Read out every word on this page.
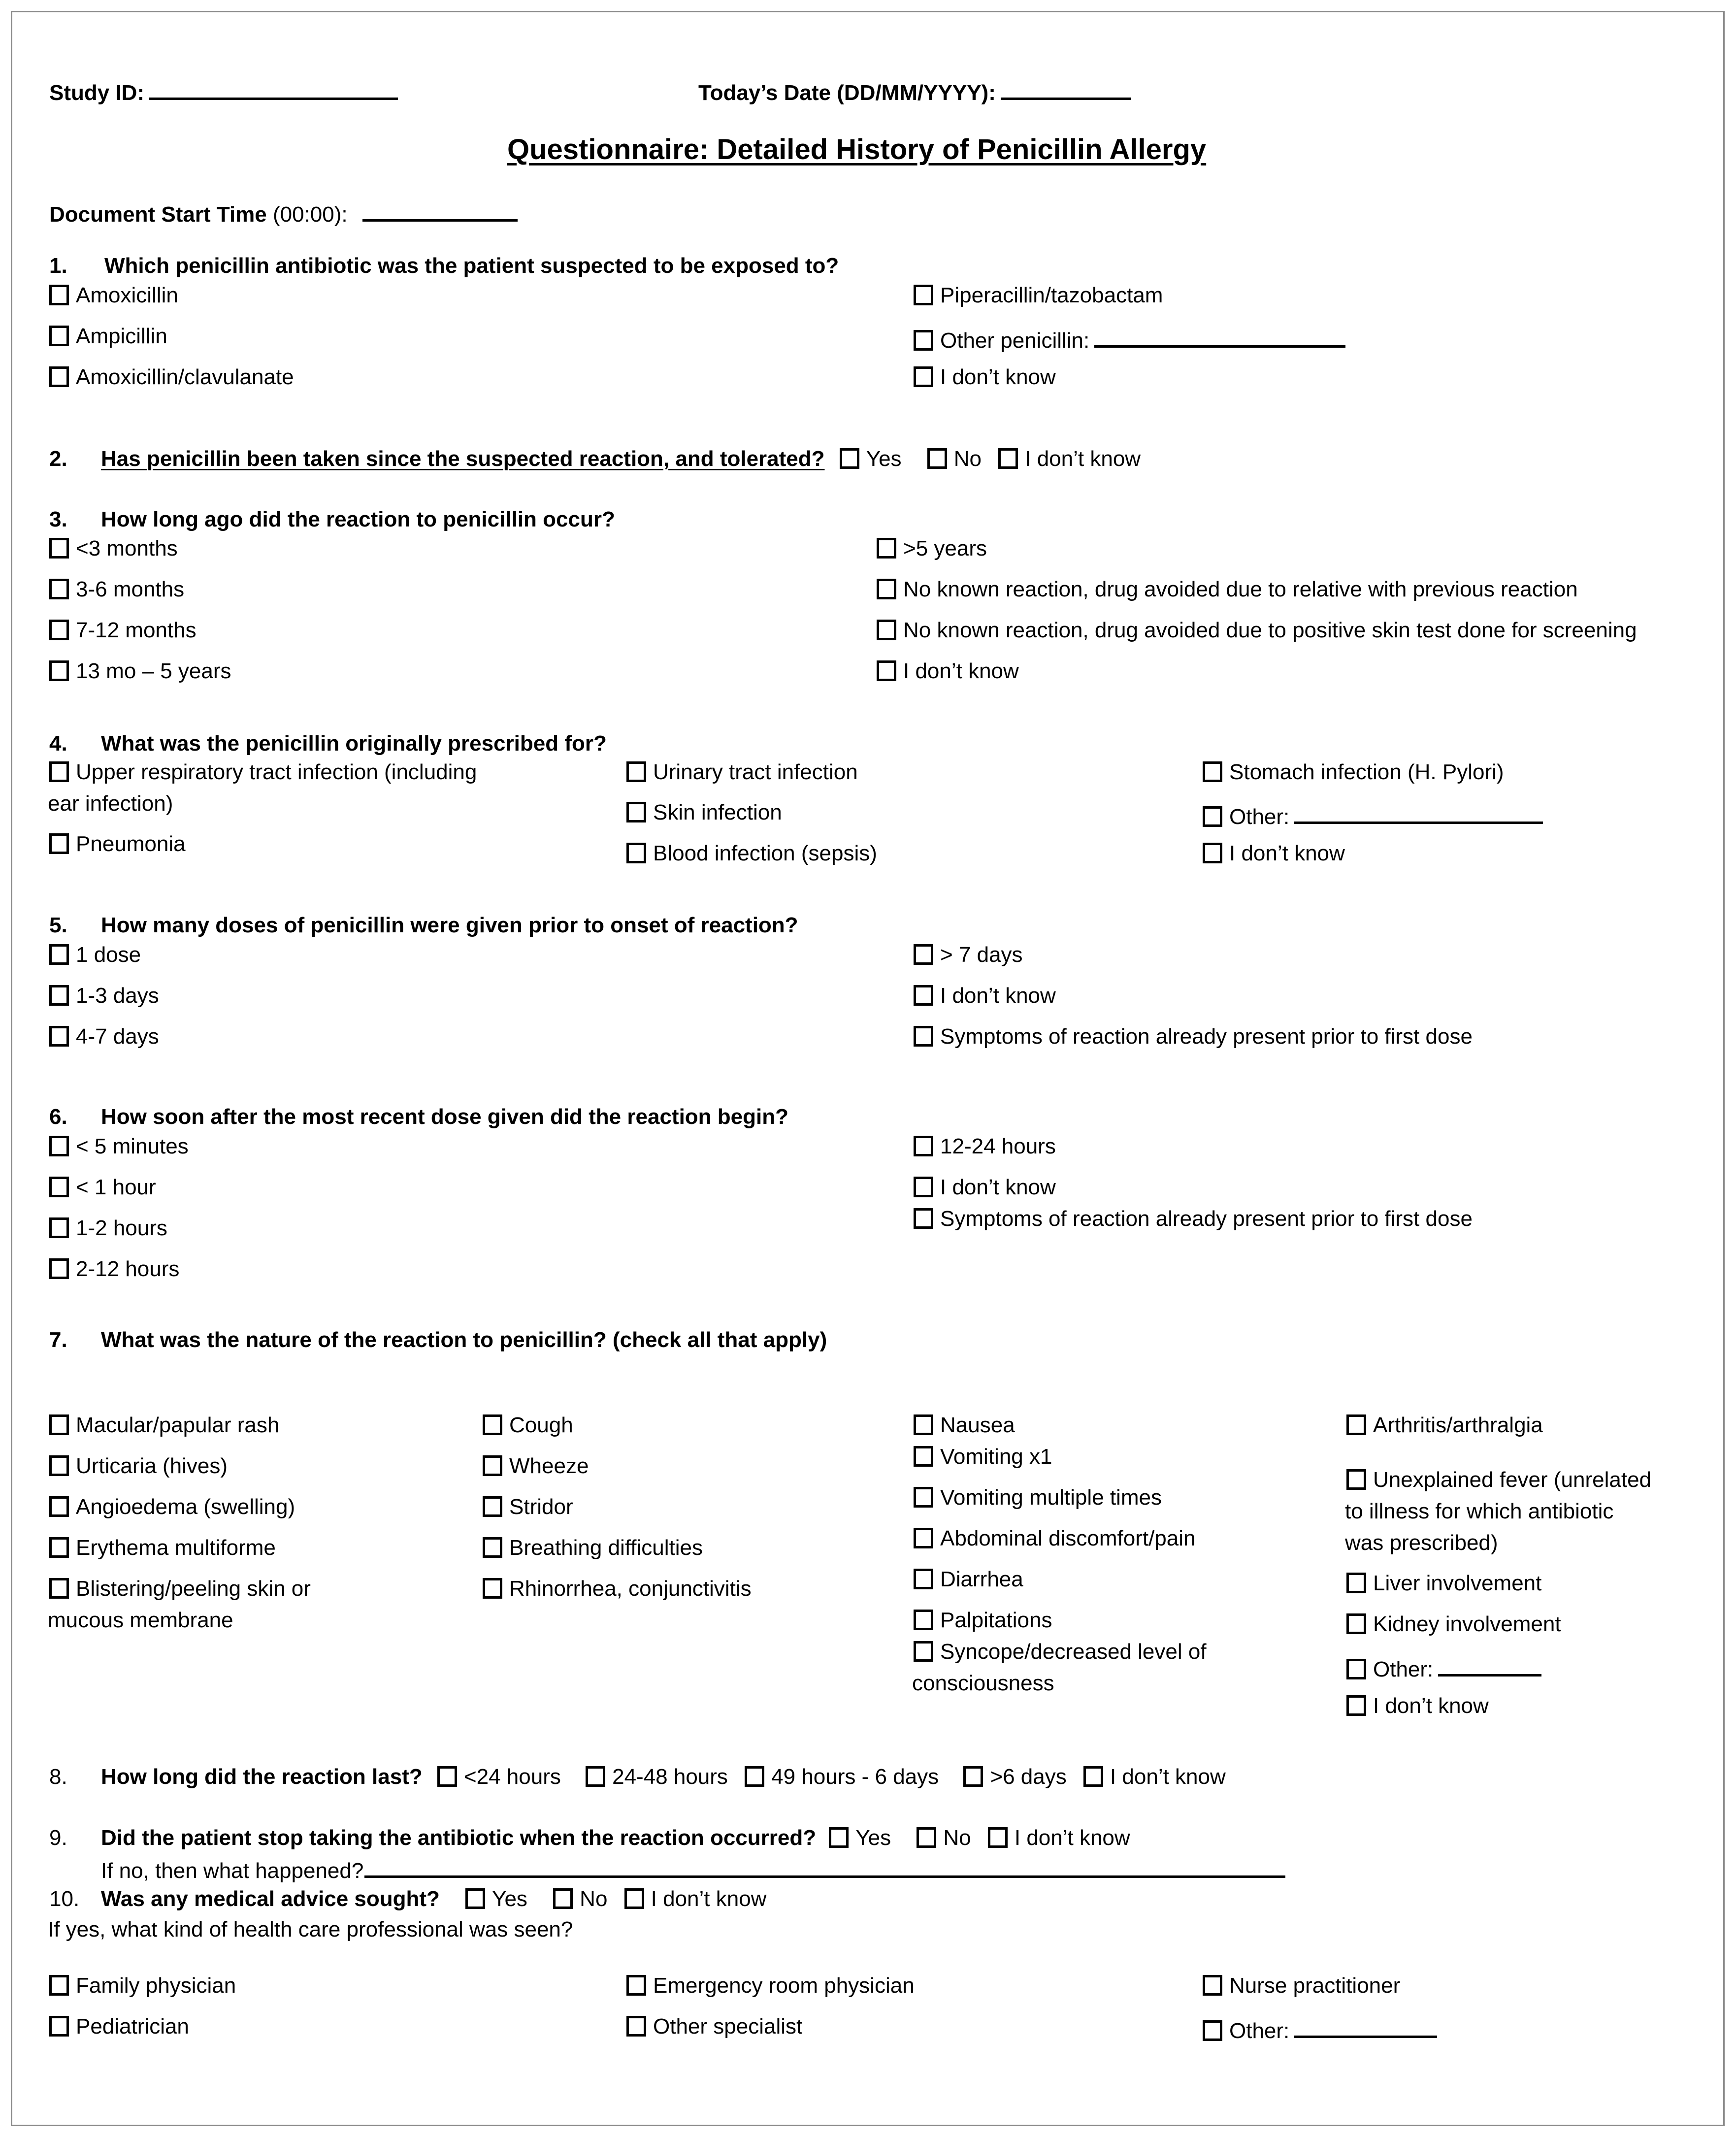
Study ID:	Today’s Date (DD/MM/YYYY):
Questionnaire: Detailed History of Penicillin Allergy
Document Start Time (00:00):
1. Which penicillin antibiotic was the patient suspected to be exposed to?
Amoxicillin
Ampicillin
Amoxicillin/clavulanate
Piperacillin/tazobactam
Other penicillin:
I don’t know
2. Has penicillin been taken since the suspected reaction, and tolerated? Yes No I don’t know
3. How long ago did the reaction to penicillin occur?
<3 months
3-6 months
7-12 months
13 mo – 5 years
>5 years
No known reaction, drug avoided due to relative with previous reaction
No known reaction, drug avoided due to positive skin test done for screening
I don’t know
4. What was the penicillin originally prescribed for?
Upper respiratory tract infection (including
ear infection)
Pneumonia
Urinary tract infection
Skin infection
Blood infection (sepsis)
Stomach infection (H. Pylori)
Other:
I don’t know
5. How many doses of penicillin were given prior to onset of reaction?
1 dose
1-3 days
4-7 days
> 7 days
I don’t know
Symptoms of reaction already present prior to first dose
6. How soon after the most recent dose given did the reaction begin?
< 5 minutes
< 1 hour
1-2 hours
2-12 hours
12-24 hours
I don’t know
Symptoms of reaction already present prior to first dose
7. What was the nature of the reaction to penicillin? (check all that apply)
Macular/papular rash
Urticaria (hives)
Angioedema (swelling)
Erythema multiforme
Blistering/peeling skin or
mucous membrane
Cough
Wheeze
Stridor
Breathing difficulties
Rhinorrhea, conjunctivitis
Nausea
Vomiting x1
Vomiting multiple times
Abdominal discomfort/pain
Diarrhea
Palpitations
Syncope/decreased level of
consciousness
Arthritis/arthralgia
Unexplained fever (unrelated
to illness for which antibiotic
was prescribed)
Liver involvement
Kidney involvement
Other:
I don’t know
8. How long did the reaction last? <24 hours 24-48 hours 49 hours - 6 days >6 days I don’t know
9. Did the patient stop taking the antibiotic when the reaction occurred? Yes No I don’t know
If no, then what happened?
10. Was any medical advice sought? Yes No I don’t know
If yes, what kind of health care professional was seen?
Family physician
Pediatrician
Emergency room physician
Other specialist
Nurse practitioner
Other:
